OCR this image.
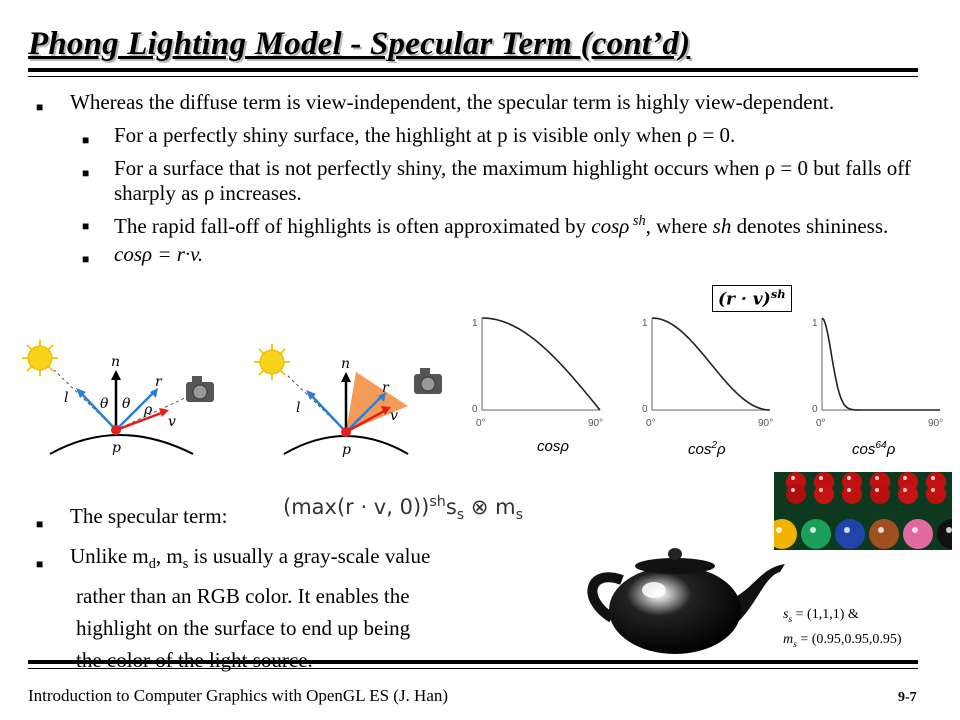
Phong Lighting Model - Specular Term (cont’d)
■	Whereas the diffuse term is view-independent, the specular term is highly view-dependent.
■	For a perfectly shiny surface, the highlight at p is visible only when ρ = 0.
■	For a surface that is not perfectly shiny, the maximum highlight occurs when ρ = 0 but falls off sharply as ρ increases.
■	The rapid fall-off of highlights is often approximated by cosρ $^{sh}$, where sh denotes shininess.
■	cosρ = r·v.
$(r \cdot v)^{sh}$
n
l
r
v
p
θ θ ρ
n
l
r
v
p
1
0
0°	90°
1
0
0°	90°
1
0
0°	90°
cosρ	$\cos^2\rho$	$\cos^{64}\rho$
■	The specular term:
■	Unlike $m_d$, $m_s$ is usually a gray-scale value
rather than an RGB color. It enables the
highlight on the surface to end up being
(max(r · v, $0))^{sh}s_s$ ⊗ $m_s$
$s_s = (1,1,1)$ &
$m_s = (0.95,0.95,0.95)$
Introduction to Computer Graphics with OpenGL ES (J. Han)	9-7
